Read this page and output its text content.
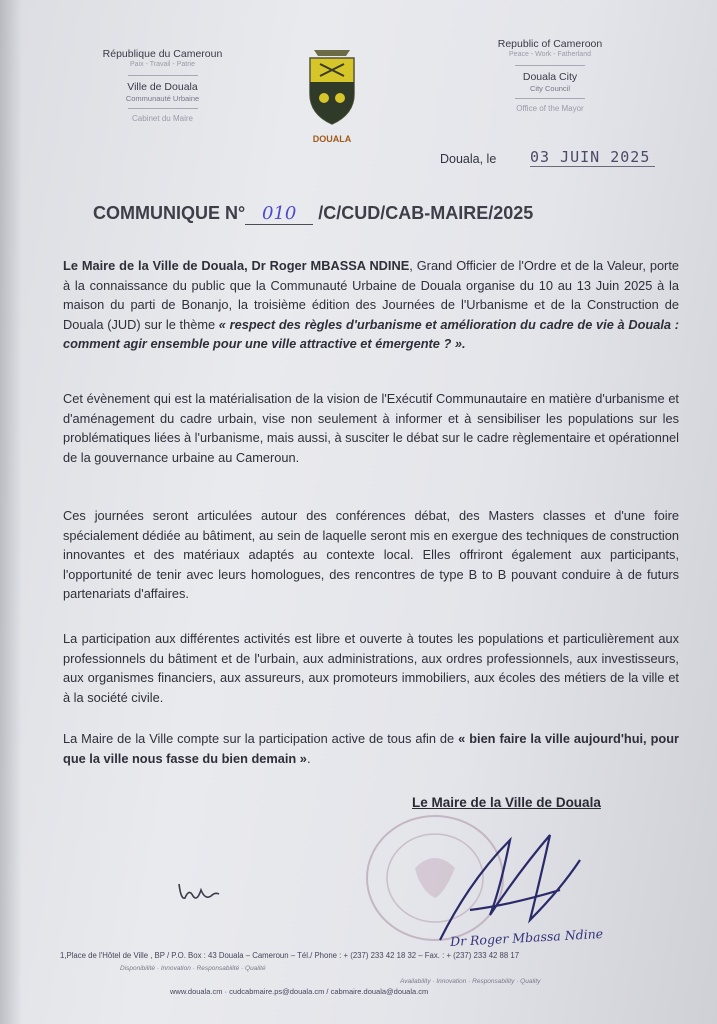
République du Cameroun
Paix - Travail - Patrie
Ville de Douala
Communauté Urbaine
Cabinet du Maire
DOUALA
Republic of Cameroon
Peace - Work - Fatherland
Douala City
City Council
Office of the Mayor
Douala, le 03 JUIN 2025
COMMUNIQUE N° 010 /C/CUD/CAB-MAIRE/2025
Le Maire de la Ville de Douala, Dr Roger MBASSA NDINE, Grand Officier de l'Ordre et de la Valeur, porte à la connaissance du public que la Communauté Urbaine de Douala organise du 10 au 13 Juin 2025 à la maison du parti de Bonanjo, la troisième édition des Journées de l'Urbanisme et de la Construction de Douala (JUD) sur le thème « respect des règles d'urbanisme et amélioration du cadre de vie à Douala : comment agir ensemble pour une ville attractive et émergente ? ».
Cet évènement qui est la matérialisation de la vision de l'Exécutif Communautaire en matière d'urbanisme et d'aménagement du cadre urbain, vise non seulement à informer et à sensibiliser les populations sur les problématiques liées à l'urbanisme, mais aussi, à susciter le débat sur le cadre règlementaire et opérationnel de la gouvernance urbaine au Cameroun.
Ces journées seront articulées autour des conférences débat, des Masters classes et d'une foire spécialement dédiée au bâtiment, au sein de laquelle seront mis en exergue des techniques de construction innovantes et des matériaux adaptés au contexte local. Elles offriront également aux participants, l'opportunité de tenir avec leurs homologues, des rencontres de type B to B pouvant conduire à de futurs partenariats d'affaires.
La participation aux différentes activités est libre et ouverte à toutes les populations et particulièrement aux professionnels du bâtiment et de l'urbain, aux administrations, aux ordres professionnels, aux investisseurs, aux organismes financiers, aux assureurs, aux promoteurs immobiliers, aux écoles des métiers de la ville et à la société civile.
La Maire de la Ville compte sur la participation active de tous afin de « bien faire la ville aujourd'hui, pour que la ville nous fasse du bien demain ».
Le Maire de la Ville de Douala
Dr Roger Mbassa Ndine
1,Place de l'Hôtel de Ville , BP / P.O. Box : 43 Douala – Cameroun – Tél./ Phone : + (237) 233 42 18 32 – Fax. : + (237) 233 42 88 17
Disponibilité · Innovation · Responsabilité · Qualité
Availability · Innovation · Responsability · Quality
www.douala.cm · cudcabmaire.ps@douala.cm / cabmaire.douala@douala.cm
